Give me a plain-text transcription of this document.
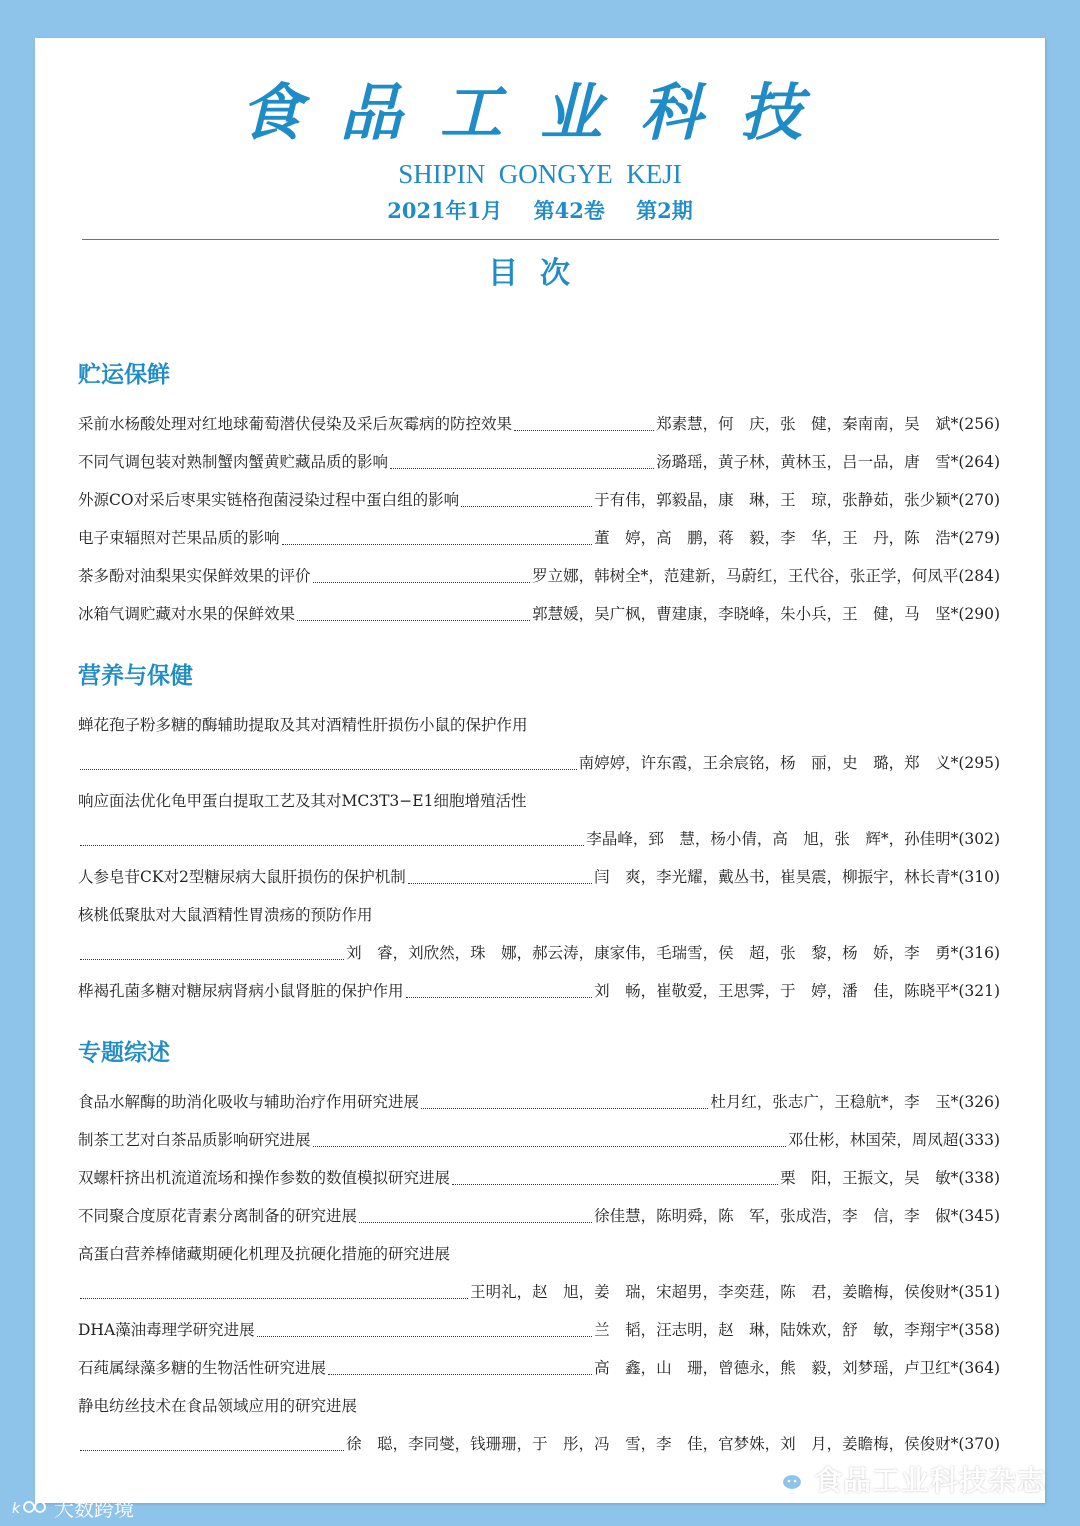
食品工业科技
SHIPIN  GONGYE  KEJI
2021年1月 第42卷 第2期
目次
贮运保鲜
采前水杨酸处理对红地球葡萄潜伏侵染及采后灰霉病的防控效果	郑素慧，何　庆，张　健，秦南南，吴　斌*(256)
不同气调包装对熟制蟹肉蟹黄贮藏品质的影响	汤璐瑶，黄子林，黄林玉，吕一品，唐　雪*(264)
外源CO对采后枣果实链格孢菌浸染过程中蛋白组的影响	于有伟，郭毅晶，康　琳，王　琼，张静茹，张少颖*(270)
电子束辐照对芒果品质的影响	董　婷，高　鹏，蒋　毅，李　华，王　丹，陈　浩*(279)
茶多酚对油梨果实保鲜效果的评价	罗立娜，韩树全*，范建新，马蔚红，王代谷，张正学，何凤平(284)
冰箱气调贮藏对水果的保鲜效果	郭慧媛，吴广枫，曹建康，李晓峰，朱小兵，王　健，马　坚*(290)
营养与保健
蝉花孢子粉多糖的酶辅助提取及其对酒精性肝损伤小鼠的保护作用
南婷婷，许东霞，王余宸铭，杨　丽，史　璐，郑　义*(295)
响应面法优化龟甲蛋白提取工艺及其对MC3T3−E1细胞增殖活性
李晶峰，郅　慧，杨小倩，高　旭，张　辉*，孙佳明*(302)
人参皂苷CK对2型糖尿病大鼠肝损伤的保护机制	闫　爽，李光耀，戴丛书，崔昊震，柳振宇，林长青*(310)
核桃低聚肽对大鼠酒精性胃溃疡的预防作用
刘　睿，刘欣然，珠　娜，郝云涛，康家伟，毛瑞雪，侯　超，张　黎，杨　娇，李　勇*(316)
桦褐孔菌多糖对糖尿病肾病小鼠肾脏的保护作用	刘　畅，崔敬爱，王思霁，于　婷，潘　佳，陈晓平*(321)
专题综述
食品水解酶的助消化吸收与辅助治疗作用研究进展	杜月红，张志广，王稳航*，李　玉*(326)
制茶工艺对白茶品质影响研究进展	邓仕彬，林国荣，周凤超(333)
双螺杆挤出机流道流场和操作参数的数值模拟研究进展	栗　阳，王振文，吴　敏*(338)
不同聚合度原花青素分离制备的研究进展	徐佳慧，陈明舜，陈　军，张成浩，李　信，李　俶*(345)
高蛋白营养棒储藏期硬化机理及抗硬化措施的研究进展
王明礼，赵　旭，姜　瑞，宋超男，李奕莛，陈　君，姜瞻梅，侯俊财*(351)
DHA藻油毒理学研究进展	兰　韬，汪志明，赵　琳，陆姝欢，舒　敏，李翔宇*(358)
石莼属绿藻多糖的生物活性研究进展	高　鑫，山　珊，曾德永，熊　毅，刘梦瑶，卢卫红*(364)
静电纺丝技术在食品领域应用的研究进展
徐　聪，李同燮，钱珊珊，于　彤，冯　雪，李　佳，官梦姝，刘　月，姜瞻梅，侯俊财*(370)
食品工业科技杂志
k 大数跨境
